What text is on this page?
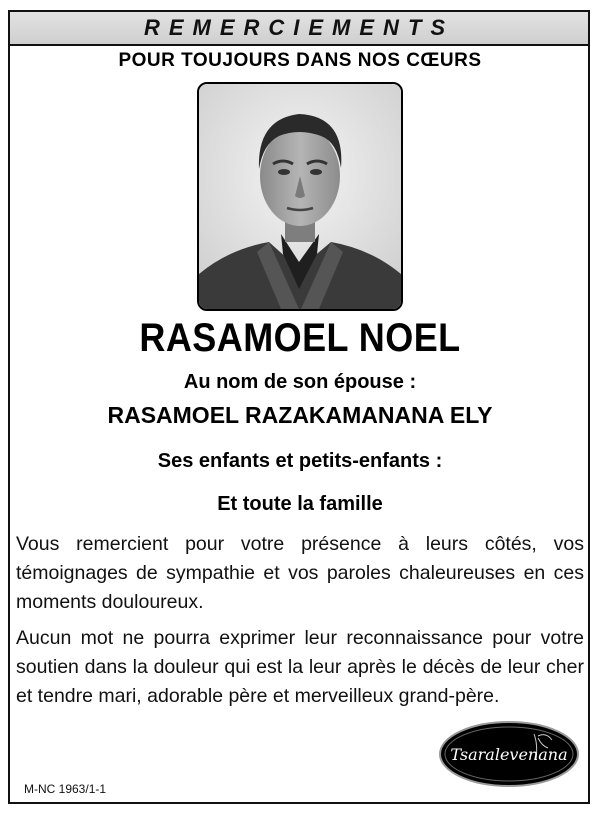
REMERCIEMENTS
POUR TOUJOURS DANS NOS CŒURS
RASAMOEL NOEL
Au nom de son épouse :
RASAMOEL RAZAKAMANANA ELY
Ses enfants et petits-enfants :
Et toute la famille
Vous remercient pour votre présence à leurs côtés, vos témoignages de sympathie et vos paroles chaleureuses en ces moments douloureux.
Aucun mot ne pourra exprimer leur reconnaissance pour votre soutien dans la douleur qui est la leur après le décès de leur cher et tendre mari, adorable père et merveilleux grand-père.
Tsaralevenana
M-NC 1963/1-1
